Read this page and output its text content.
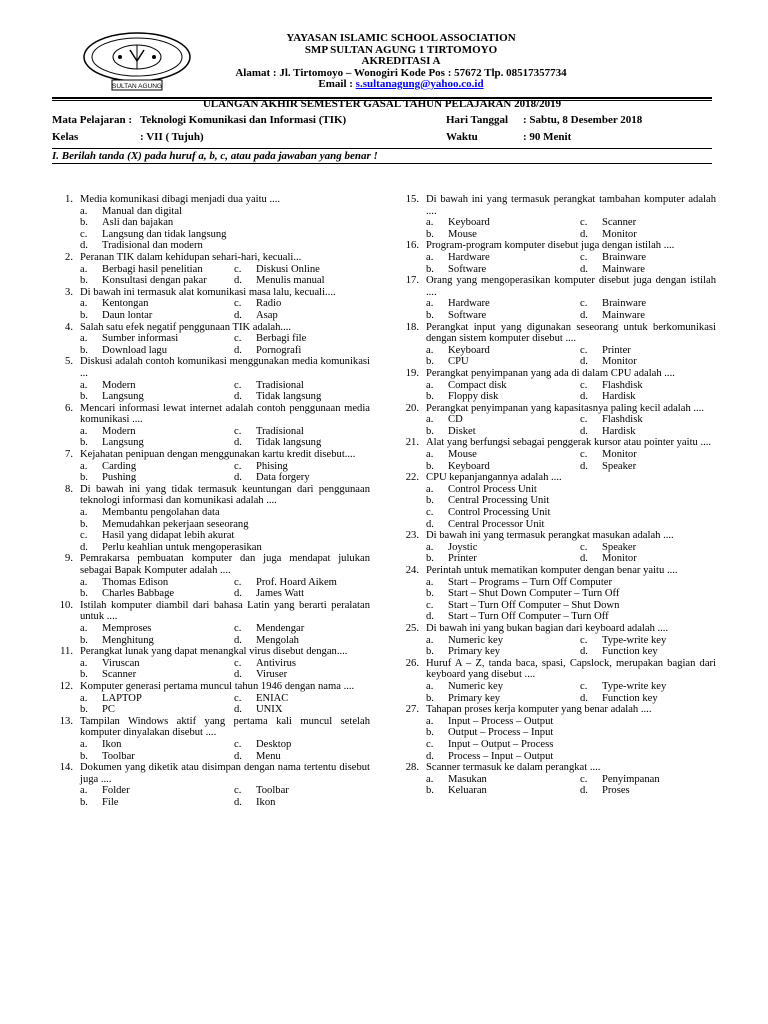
SULTAN AGUNG
YAYASAN ISLAMIC SCHOOL ASSOCIATION
SMP SULTAN AGUNG 1 TIRTOMOYO
AKREDITASI A
Alamat : Jl. Tirtomoyo – Wonogiri Kode Pos : 57672 Tlp. 08517357734
Email : s.sultanagung@yahoo.co.id
ULANGAN AKHIR SEMESTER GASAL TAHUN PELAJARAN 2018/2019
Mata Pelajaran : Teknologi Komunikasi dan Informasi (TIK)
Kelas	: VII ( Tujuh)
Hari Tanggal : Sabtu, 8 Desember 2018
Waktu	: 90 Menit
I. Berilah tanda (X) pada huruf a, b, c, atau pada jawaban yang benar !
1. Media komunikasi dibagi menjadi dua yaitu ....
a.	Manual dan digital
b.	Asli dan bajakan
c.	Langsung dan tidak langsung
d.	Tradisional dan modern
2. Peranan TIK dalam kehidupan sehari-hari, kecuali...
a.	Berbagi hasil penelitian	c.	Diskusi Online
b.	Konsultasi dengan pakar	d.	Menulis manual
3. Di bawah ini termasuk alat komunikasi masa lalu, kecuali....
a.	Kentongan	c.	Radio
b.	Daun lontar	d.	Asap
4. Salah satu efek negatif penggunaan TIK adalah....
a.	Sumber informasi	c.	Berbagi file
b.	Download lagu	d.	Pornografi
5. Diskusi adalah contoh komunikasi menggunakan media komunikasi ...
a.	Modern	c.	Tradisional
b.	Langsung	d.	Tidak langsung
6. Mencari informasi lewat internet adalah contoh penggunaan media komunikasi ....
a.	Modern	c.	Tradisional
b.	Langsung	d.	Tidak langsung
7. Kejahatan penipuan dengan menggunakan kartu kredit disebut....
a.	Carding	c.	Phising
b.	Pushing	d.	Data forgery
8. Di bawah ini yang tidak termasuk keuntungan dari penggunaan teknologi informasi dan komunikasi adalah ....
a.	Membantu pengolahan data
b.	Memudahkan pekerjaan seseorang
c.	Hasil yang didapat lebih akurat
d.	Perlu keahlian untuk mengoperasikan
9. Pemrakarsa pembuatan komputer dan juga mendapat julukan sebagai Bapak Komputer adalah ....
a.	Thomas Edison	c.	Prof. Hoard Aikem
b.	Charles Babbage	d.	James Watt
10. Istilah komputer diambil dari bahasa Latin yang berarti peralatan untuk ....
a.	Memproses	c.	Mendengar
b.	Menghitung	d.	Mengolah
11. Perangkat lunak yang dapat menangkal virus disebut dengan....
a.	Viruscan	c.	Antivirus
b.	Scanner	d.	Viruser
12. Komputer generasi pertama muncul tahun 1946 dengan nama ....
a.	LAPTOP	c.	ENIAC
b.	PC	d.	UNIX
13. Tampilan Windows aktif yang pertama kali muncul setelah komputer dinyalakan disebut ....
a.	Ikon	c.	Desktop
b.	Toolbar	d.	Menu
14. Dokumen yang diketik atau disimpan dengan nama tertentu disebut juga ....
a.	Folder	c.	Toolbar
b.	File	d.	Ikon
15. Di bawah ini yang termasuk perangkat tambahan komputer adalah ....
a.	Keyboard	c.	Scanner
b.	Mouse	d.	Monitor
16. Program-program komputer disebut juga dengan istilah ....
a.	Hardware	c.	Brainware
b.	Software	d.	Mainware
17. Orang yang mengoperasikan komputer disebut juga dengan istilah ....
a.	Hardware	c.	Brainware
b.	Software	d.	Mainware
18. Perangkat input yang digunakan seseorang untuk berkomunikasi dengan sistem komputer disebut ....
a.	Keyboard	c.	Printer
b.	CPU	d.	Monitor
19. Perangkat penyimpanan yang ada di dalam CPU adalah ....
a.	Compact disk	c.	Flashdisk
b.	Floppy disk	d.	Hardisk
20. Perangkat penyimpanan yang kapasitasnya paling kecil adalah ....
a.	CD	c.	Flashdisk
b.	Disket	d.	Hardisk
21. Alat yang berfungsi sebagai penggerak kursor atau pointer yaitu ....
a.	Mouse	c.	Monitor
b.	Keyboard	d.	Speaker
22. CPU kepanjangannya adalah ....
a.	Control Process Unit
b.	Central Processing Unit
c.	Control Processing Unit
d.	Central Processor Unit
23. Di bawah ini yang termasuk perangkat masukan adalah ....
a.	Joystic	c.	Speaker
b.	Printer	d.	Monitor
24. Perintah untuk mematikan komputer dengan benar yaitu ....
a.	Start – Programs – Turn Off Computer
b.	Start – Shut Down Computer – Turn Off
c.	Start – Turn Off Computer – Shut Down
d.	Start – Turn Off Computer – Turn Off
25. Di bawah ini yang bukan bagian dari keyboard adalah ....
a.	Numeric key	c.	Type-write key
b.	Primary key	d.	Function key
26. Huruf A – Z, tanda baca, spasi, Capslock, merupakan bagian dari keyboard yang disebut ....
a.	Numeric key	c.	Type-write key
b.	Primary key	d.	Function key
27. Tahapan proses kerja komputer yang benar adalah ....
a.	Input – Process – Output
b.	Output – Process – Input
c.	Input – Output – Process
d.	Process – Input – Output
28. Scanner termasuk ke dalam perangkat ....
a.	Masukan	c.	Penyimpanan
b.	Keluaran	d.	Proses
